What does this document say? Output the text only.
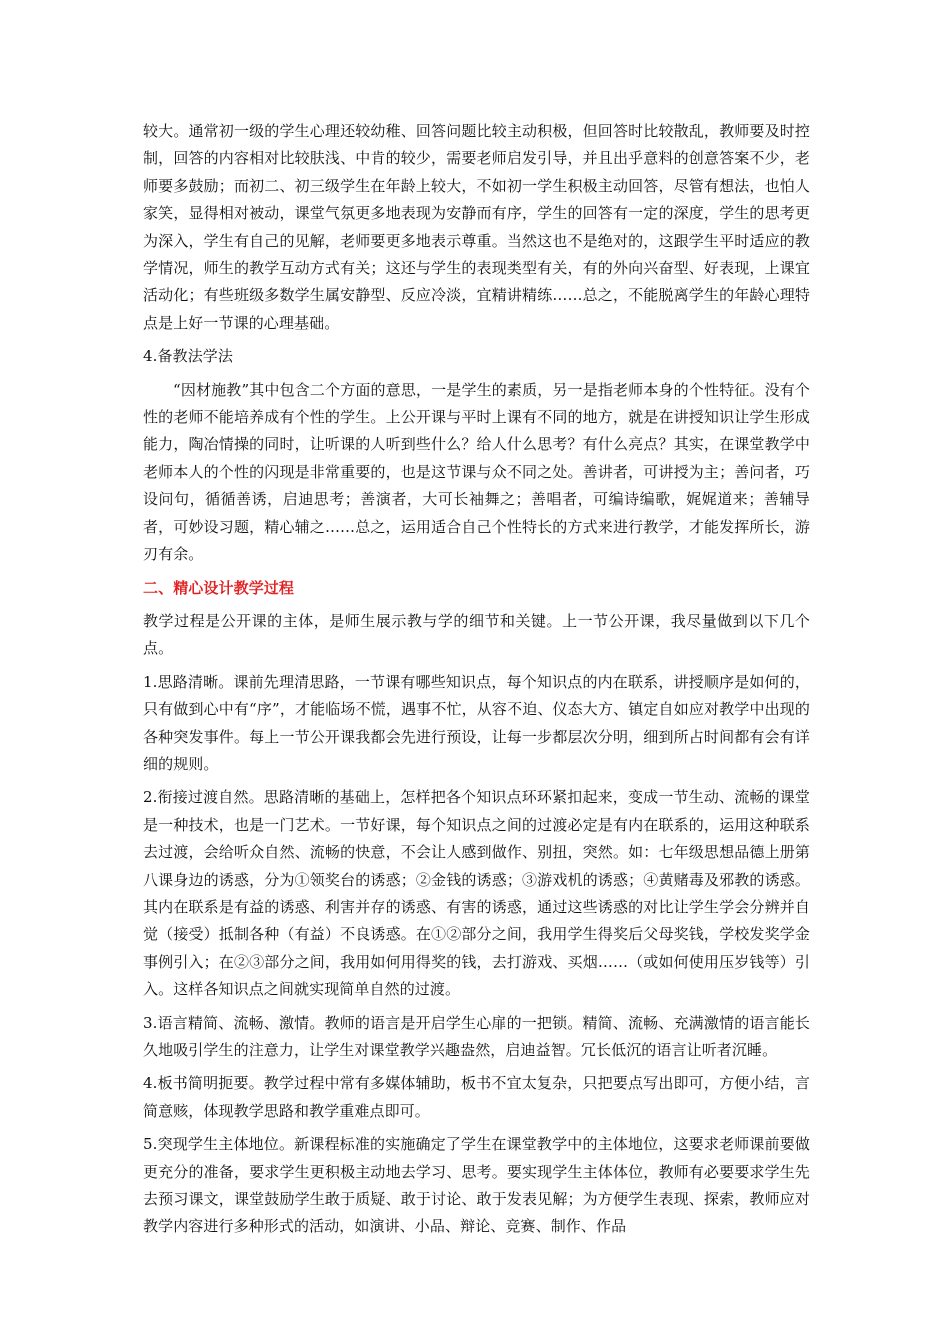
较大。通常初一级的学生心理还较幼稚、回答问题比较主动积极，但回答时比较散乱，教师要及时控制，回答的内容相对比较肤浅、中肯的较少，需要老师启发引导，并且出乎意料的创意答案不少，老师要多鼓励；而初二、初三级学生在年龄上较大，不如初一学生积极主动回答，尽管有想法，也怕人家笑，显得相对被动，课堂气氛更多地表现为安静而有序，学生的回答有一定的深度，学生的思考更为深入，学生有自己的见解，老师要更多地表示尊重。当然这也不是绝对的，这跟学生平时适应的教学情况，师生的教学互动方式有关；这还与学生的表现类型有关，有的外向兴奋型、好表现，上课宜活动化；有些班级多数学生属安静型、反应冷淡，宜精讲精练……总之，不能脱离学生的年龄心理特点是上好一节课的心理基础。

4.备教法学法

“因材施教”其中包含二个方面的意思，一是学生的素质，另一是指老师本身的个性特征。没有个性的老师不能培养成有个性的学生。上公开课与平时上课有不同的地方，就是在讲授知识让学生形成能力，陶冶情操的同时，让听课的人听到些什么？给人什么思考？有什么亮点？其实，在课堂教学中老师本人的个性的闪现是非常重要的，也是这节课与众不同之处。善讲者，可讲授为主；善问者，巧设问句，循循善诱，启迪思考；善演者，大可长袖舞之；善唱者，可编诗编歌，娓娓道来；善辅导者，可妙设习题，精心辅之……总之，运用适合自己个性特长的方式来进行教学，才能发挥所长，游刃有余。

二、精心设计教学过程

教学过程是公开课的主体，是师生展示教与学的细节和关键。上一节公开课，我尽量做到以下几个点。

1.思路清晰。课前先理清思路，一节课有哪些知识点，每个知识点的内在联系，讲授顺序是如何的，只有做到心中有“序”，才能临场不慌，遇事不忙，从容不迫、仪态大方、镇定自如应对教学中出现的各种突发事件。每上一节公开课我都会先进行预设，让每一步都层次分明，细到所占时间都有会有详细的规则。

2.衔接过渡自然。思路清晰的基础上，怎样把各个知识点环环紧扣起来，变成一节生动、流畅的课堂是一种技术，也是一门艺术。一节好课，每个知识点之间的过渡必定是有内在联系的，运用这种联系去过渡，会给听众自然、流畅的快意，不会让人感到做作、别扭，突然。如：七年级思想品德上册第八课身边的诱惑，分为①领奖台的诱惑；②金钱的诱惑；③游戏机的诱惑；④黄赌毒及邪教的诱惑。其内在联系是有益的诱惑、利害并存的诱惑、有害的诱惑，通过这些诱惑的对比让学生学会分辨并自觉（接受）抵制各种（有益）不良诱惑。在①②部分之间，我用学生得奖后父母奖钱，学校发奖学金事例引入；在②③部分之间，我用如何用得奖的钱，去打游戏、买烟……（或如何使用压岁钱等）引入。这样各知识点之间就实现简单自然的过渡。

3.语言精简、流畅、激情。教师的语言是开启学生心扉的一把锁。精简、流畅、充满激情的语言能长久地吸引学生的注意力，让学生对课堂教学兴趣盎然，启迪益智。冗长低沉的语言让听者沉睡。

4.板书简明扼要。教学过程中常有多媒体辅助，板书不宜太复杂，只把要点写出即可，方便小结，言简意赅，体现教学思路和教学重难点即可。

5.突现学生主体地位。新课程标准的实施确定了学生在课堂教学中的主体地位，这要求老师课前要做更充分的准备，要求学生更积极主动地去学习、思考。要实现学生主体体位，教师有必要要求学生先去预习课文，课堂鼓励学生敢于质疑、敢于讨论、敢于发表见解；为方便学生表现、探索，教师应对教学内容进行多种形式的活动，如演讲、小品、辩论、竞赛、制作、作品
